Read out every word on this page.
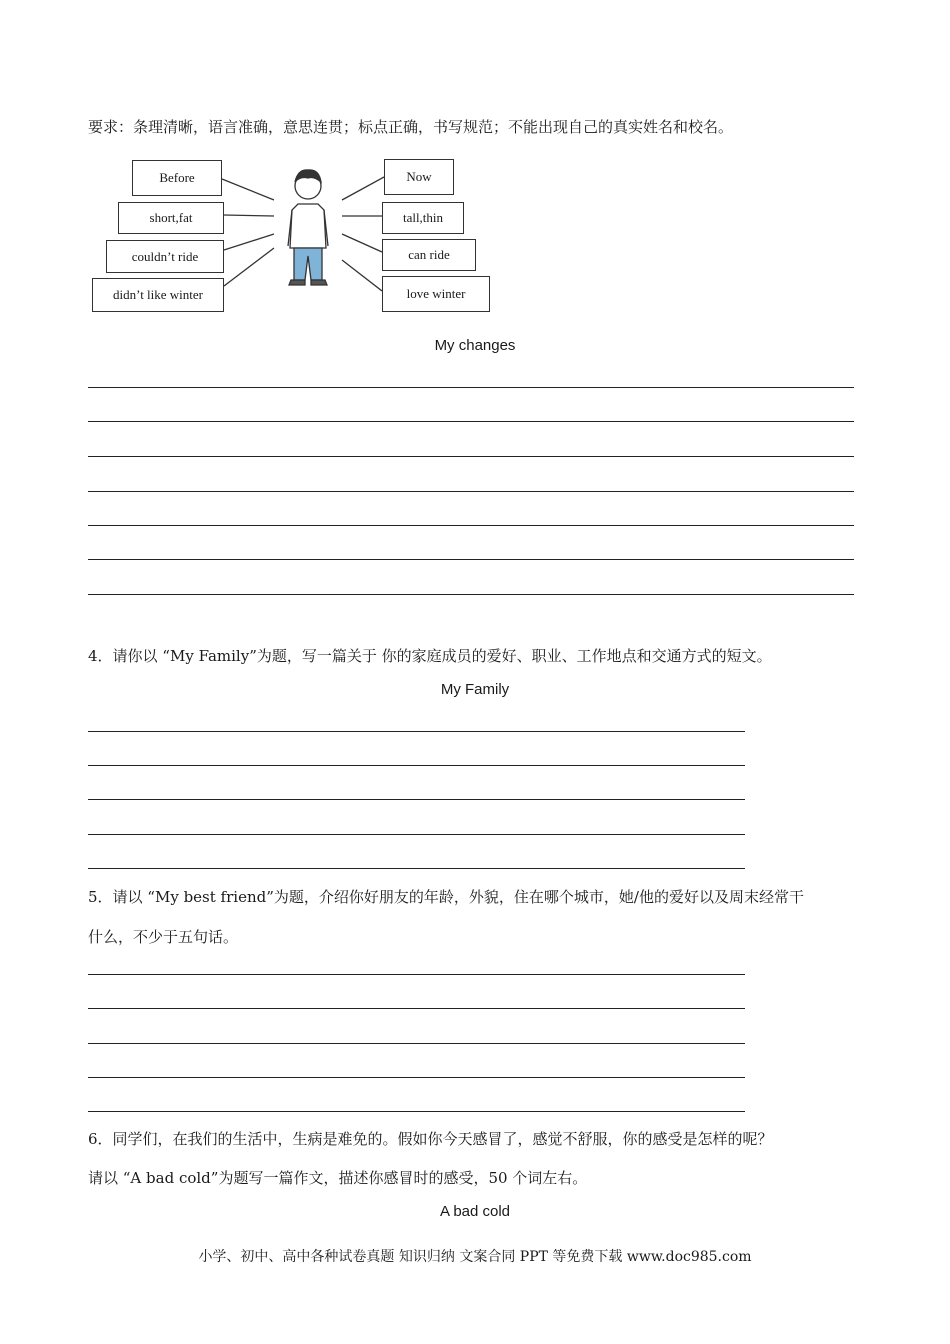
要求：条理清晰，语言准确，意思连贯；标点正确，书写规范；不能出现自己的真实姓名和校名。
Before
short,fat
couldn’t ride
didn’t like winter
Now
tall,thin
can ride
love winter
My changes
4．请你以 “My Family”为题，写一篇关于 你的家庭成员的爱好、职业、工作地点和交通方式的短文。
My Family
5．请以 “My best friend”为题，介绍你好朋友的年龄，外貌，住在哪个城市，她/他的爱好以及周末经常干
什么，不少于五句话。
6．同学们，在我们的生活中，生病是难免的。假如你今天感冒了，感觉不舒服，你的感受是怎样的呢？
请以 “A bad cold”为题写一篇作文，描述你感冒时的感受，50 个词左右。
A bad cold
小学、初中、高中各种试卷真题 知识归纳 文案合同 PPT 等免费下载 www.doc985.com
